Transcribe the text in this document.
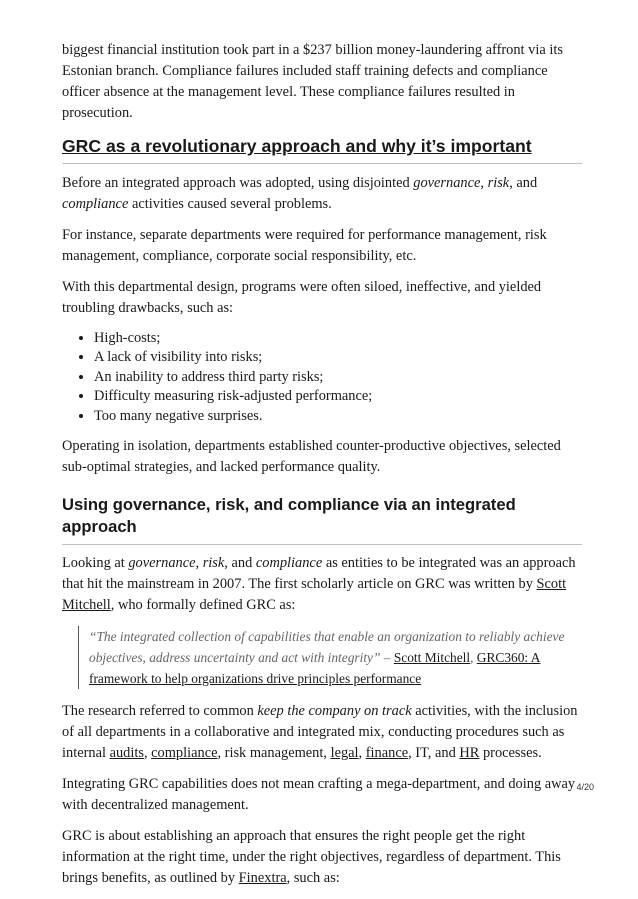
biggest financial institution took part in a $237 billion money-laundering affront via its Estonian branch. Compliance failures included staff training defects and compliance officer absence at the management level. These compliance failures resulted in prosecution.

GRC as a revolutionary approach and why it’s important

Before an integrated approach was adopted, using disjointed governance, risk, and compliance activities caused several problems.

For instance, separate departments were required for performance management, risk management, compliance, corporate social responsibility, etc.

With this departmental design, programs were often siloed, ineffective, and yielded troubling drawbacks, such as:

• High-costs;
• A lack of visibility into risks;
• An inability to address third party risks;
• Difficulty measuring risk-adjusted performance;
• Too many negative surprises.

Operating in isolation, departments established counter-productive objectives, selected sub-optimal strategies, and lacked performance quality.

Using governance, risk, and compliance via an integrated approach

Looking at governance, risk, and compliance as entities to be integrated was an approach that hit the mainstream in 2007. The first scholarly article on GRC was written by Scott Mitchell, who formally defined GRC as:

“The integrated collection of capabilities that enable an organization to reliably achieve objectives, address uncertainty and act with integrity” – Scott Mitchell, GRC360: A framework to help organizations drive principles performance

The research referred to common keep the company on track activities, with the inclusion of all departments in a collaborative and integrated mix, conducting procedures such as internal audits, compliance, risk management, legal, finance, IT, and HR processes.

Integrating GRC capabilities does not mean crafting a mega-department, and doing away with decentralized management.

GRC is about establishing an approach that ensures the right people get the right information at the right time, under the right objectives, regardless of department. This brings benefits, as outlined by Finextra, such as:

4/20
